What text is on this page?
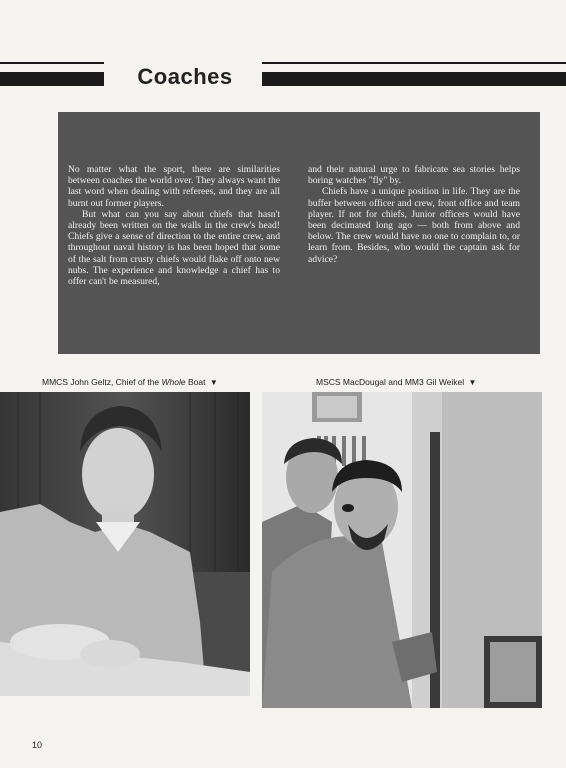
Coaches

No matter what the sport, there are similarities between coaches the world over. They always want the last word when dealing with referees, and they are all burnt out former players.

But what can you say about chiefs that hasn't already been written on the walls in the crew's head! Chiefs give a sense of direction to the entire crew, and throughout naval history is has been hoped that some of the salt from crusty chiefs would flake off onto new nubs. The experience and knowledge a chief has to offer can't be measured,

and their natural urge to fabricate sea stories helps boring watches "fly" by.

Chiefs have a unique position in life. They are the buffer between officer and crew, front office and team player. If not for chiefs, Junior officers would have been decimated long ago — both from above and below. The crew would have no one to complain to, or learn from. Besides, who would the captain ask for advice?

MMCS John Geltz, Chief of the Whole Boat ▼	MSCS MacDougal and MM3 Gil Weikel ▼
10
